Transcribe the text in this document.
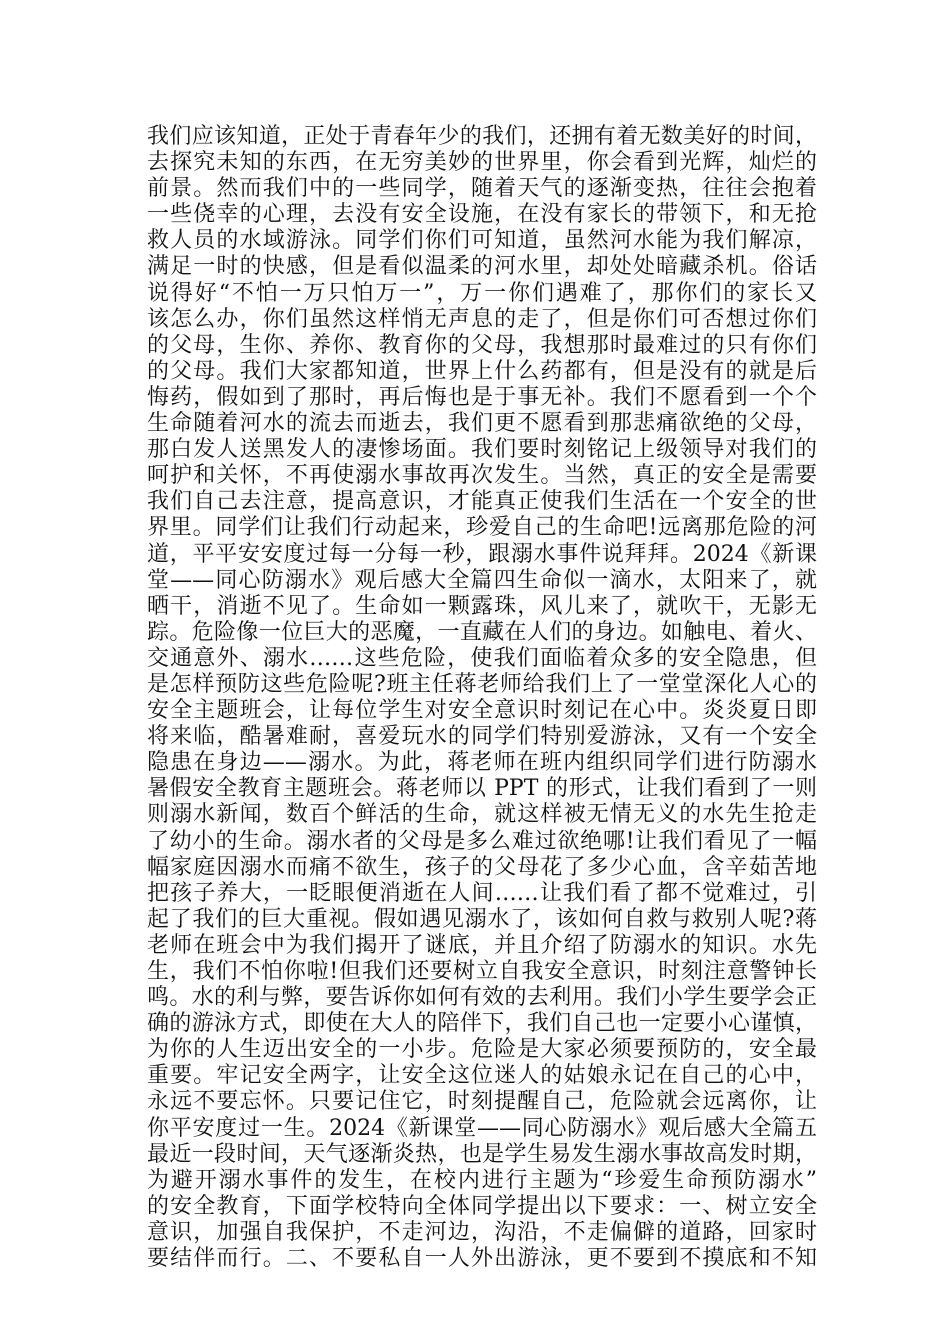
我们应该知道，正处于青春年少的我们，还拥有着无数美好的时间，
去探究未知的东西，在无穷美妙的世界里，你会看到光辉，灿烂的
前景。然而我们中的一些同学，随着天气的逐渐变热，往往会抱着
一些侥幸的心理，去没有安全设施，在没有家长的带领下，和无抢
救人员的水域游泳。同学们你们可知道，虽然河水能为我们解凉，
满足一时的快感，但是看似温柔的河水里，却处处暗藏杀机。俗话
说得好“不怕一万只怕万一”，万一你们遇难了，那你们的家长又
该怎么办，你们虽然这样悄无声息的走了，但是你们可否想过你们
的父母，生你、养你、教育你的父母，我想那时最难过的只有你们
的父母。我们大家都知道，世界上什么药都有，但是没有的就是后
悔药，假如到了那时，再后悔也是于事无补。我们不愿看到一个个
生命随着河水的流去而逝去，我们更不愿看到那悲痛欲绝的父母，
那白发人送黑发人的凄惨场面。我们要时刻铭记上级领导对我们的
呵护和关怀，不再使溺水事故再次发生。当然，真正的安全是需要
我们自己去注意，提高意识，才能真正使我们生活在一个安全的世
界里。同学们让我们行动起来，珍爱自己的生命吧!远离那危险的河
道，平平安安度过每一分每一秒，跟溺水事件说拜拜。2024《新课
堂——同心防溺水》观后感大全篇四生命似一滴水，太阳来了，就
晒干，消逝不见了。生命如一颗露珠，风儿来了，就吹干，无影无
踪。危险像一位巨大的恶魔，一直藏在人们的身边。如触电、着火、
交通意外、溺水……这些危险，使我们面临着众多的安全隐患，但
是怎样预防这些危险呢?班主任蒋老师给我们上了一堂堂深化人心的
安全主题班会，让每位学生对安全意识时刻记在心中。炎炎夏日即
将来临，酷暑难耐，喜爱玩水的同学们特别爱游泳，又有一个安全
隐患在身边——溺水。为此，蒋老师在班内组织同学们进行防溺水
暑假安全教育主题班会。蒋老师以 PPT 的形式，让我们看到了一则
则溺水新闻，数百个鲜活的生命，就这样被无情无义的水先生抢走
了幼小的生命。溺水者的父母是多么难过欲绝哪!让我们看见了一幅
幅家庭因溺水而痛不欲生，孩子的父母花了多少心血，含辛茹苦地
把孩子养大，一眨眼便消逝在人间……让我们看了都不觉难过，引
起了我们的巨大重视。假如遇见溺水了，该如何自救与救别人呢?蒋
老师在班会中为我们揭开了谜底，并且介绍了防溺水的知识。水先
生，我们不怕你啦!但我们还要树立自我安全意识，时刻注意警钟长
鸣。水的利与弊，要告诉你如何有效的去利用。我们小学生要学会正
确的游泳方式，即使在大人的陪伴下，我们自己也一定要小心谨慎，
为你的人生迈出安全的一小步。危险是大家必须要预防的，安全最
重要。牢记安全两字，让安全这位迷人的姑娘永记在自己的心中，
永远不要忘怀。只要记住它，时刻提醒自己，危险就会远离你，让
你平安度过一生。2024《新课堂——同心防溺水》观后感大全篇五
最近一段时间，天气逐渐炎热，也是学生易发生溺水事故高发时期，
为避开溺水事件的发生，在校内进行主题为“珍爱生命预防溺水”
的安全教育，下面学校特向全体同学提出以下要求：一、树立安全
意识，加强自我保护，不走河边，沟沿，不走偏僻的道路，回家时
要结伴而行。二、不要私自一人外出游泳，更不要到不摸底和不知
